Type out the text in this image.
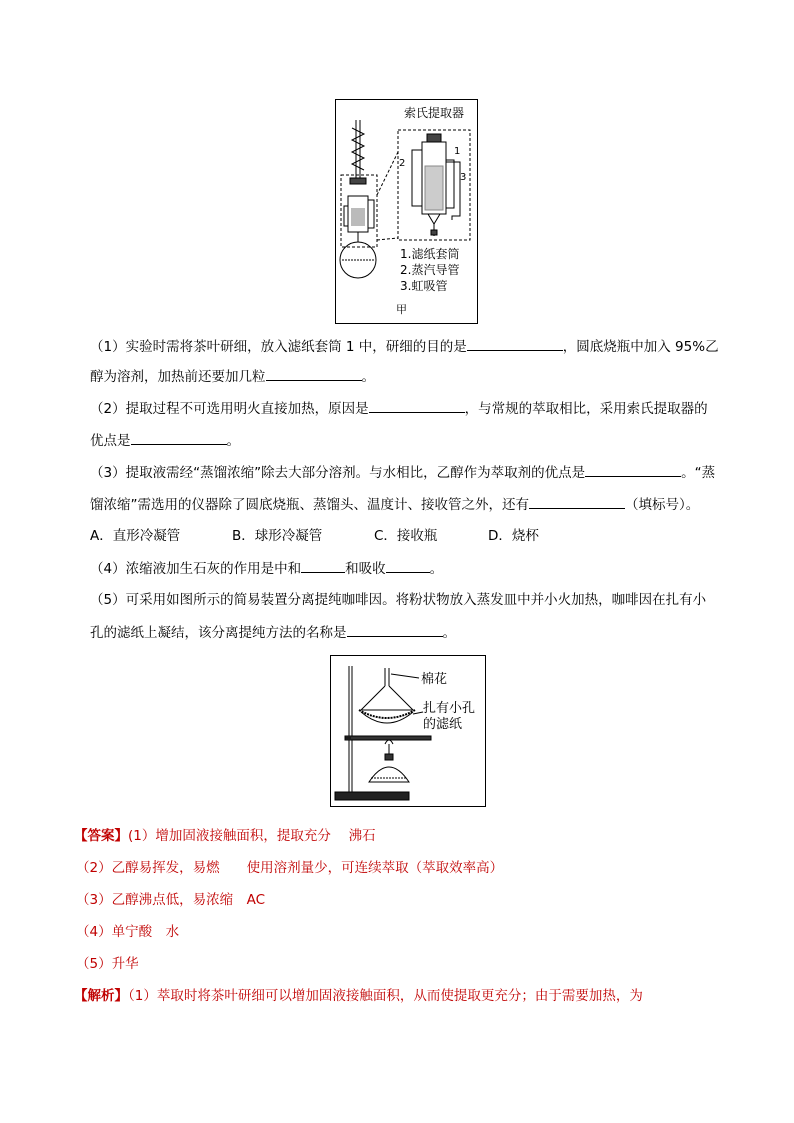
索氏提取器
1
2
3
1.滤纸套筒
2.蒸汽导管
3.虹吸管
甲
（1）实验时需将茶叶研细，放入滤纸套筒 1 中，研细的目的是	，圆底烧瓶中加入 95%乙
醇为溶剂，加热前还要加几粒	。
（2）提取过程不可选用明火直接加热，原因是	，与常规的萃取相比，采用索氏提取器的
优点是	。
（3）提取液需经“蒸馏浓缩”除去大部分溶剂。与水相比，乙醇作为萃取剂的优点是	。“蒸
馏浓缩”需选用的仪器除了圆底烧瓶、蒸馏头、温度计、接收管之外，还有	（填标号）。
A．直形冷凝管	B．球形冷凝管	C．接收瓶	D．烧杯
（4）浓缩液加生石灰的作用是中和	和吸收	。
（5）可采用如图所示的简易装置分离提纯咖啡因。将粉状物放入蒸发皿中并小火加热，咖啡因在扎有小
孔的滤纸上凝结，该分离提纯方法的名称是	。
棉花
扎有小孔
的滤纸
【答案】(1）增加固液接触面积，提取充分　 沸石
（2）乙醇易挥发，易燃　　使用溶剂量少，可连续萃取（萃取效率高）
（3）乙醇沸点低，易浓缩　AC
（4）单宁酸　水
（5）升华
【解析】（1）萃取时将茶叶研细可以增加固液接触面积，从而使提取更充分；由于需要加热，为
